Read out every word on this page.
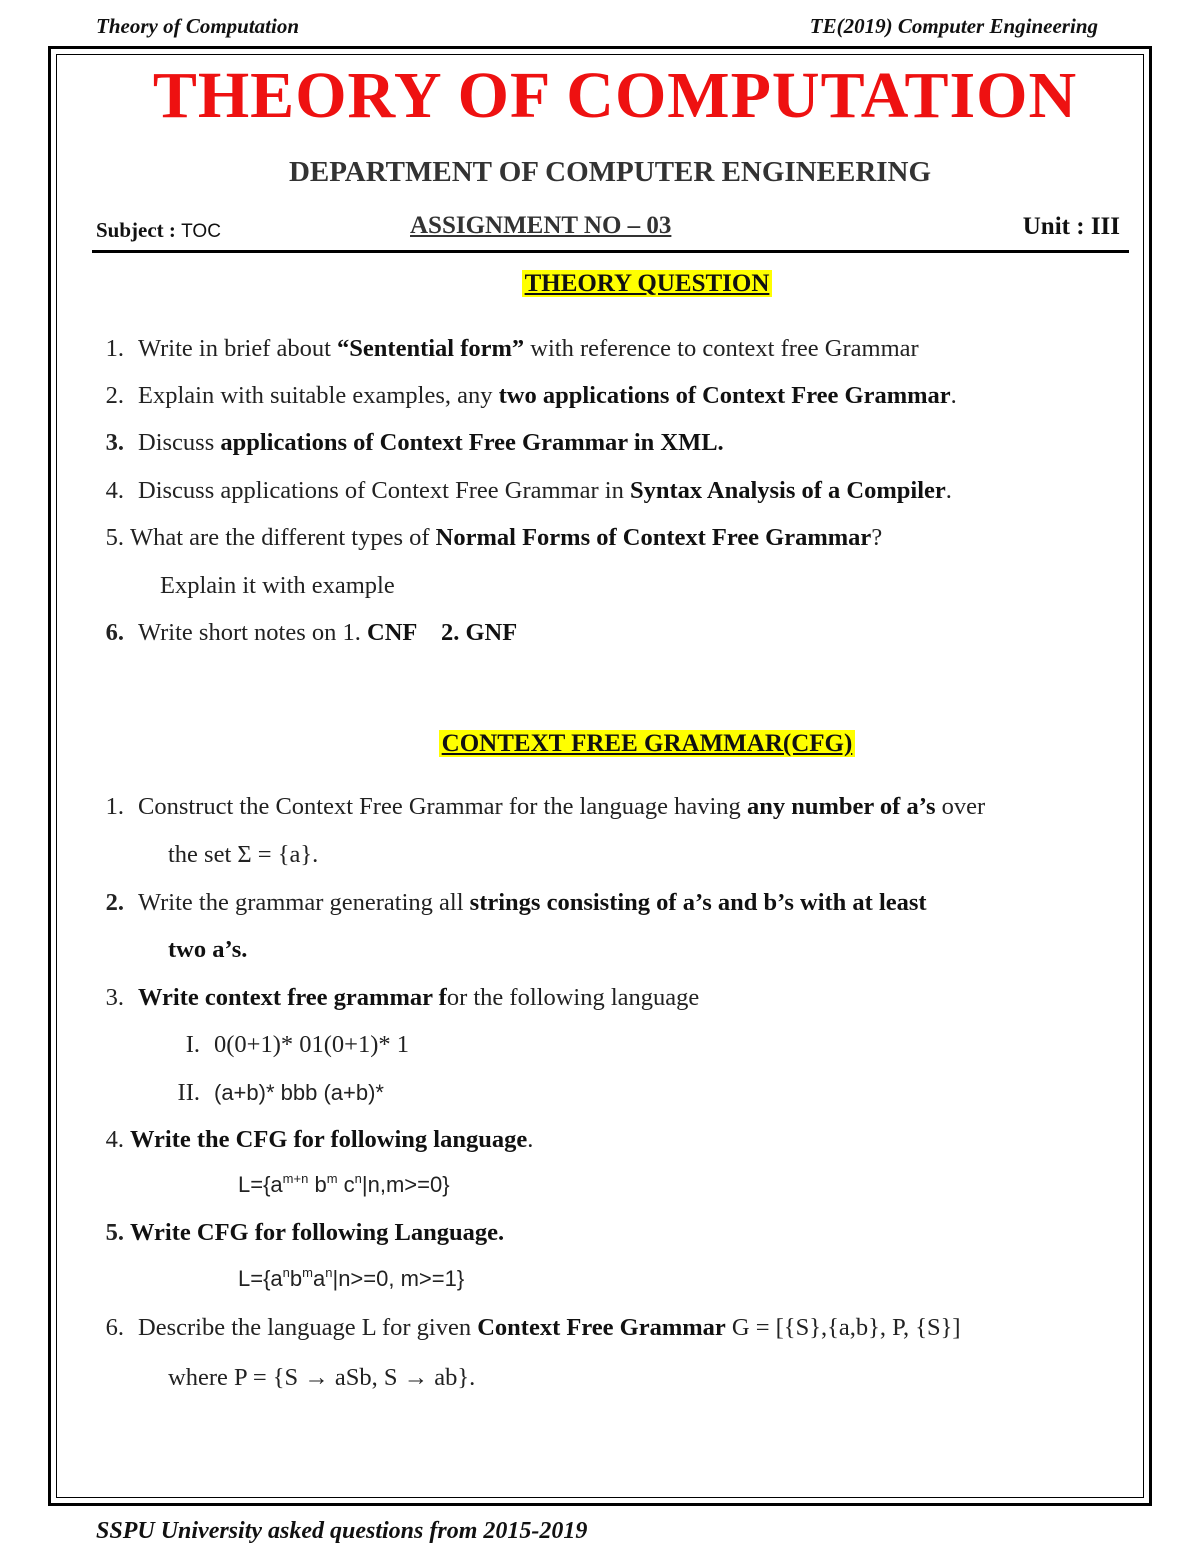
Theory of Computation	TE(2019) Computer Engineering
THEORY OF COMPUTATION
DEPARTMENT OF COMPUTER ENGINEERING
Subject : TOC	ASSIGNMENT NO – 03	Unit : III
THEORY QUESTION
1. Write in brief about “Sentential form” with reference to context free Grammar
2. Explain with suitable examples, any two applications of Context Free Grammar.
3. Discuss applications of Context Free Grammar in XML.
4. Discuss applications of Context Free Grammar in Syntax Analysis of a Compiler.
5. What are the different types of Normal Forms of Context Free Grammar?
Explain it with example
6. Write short notes on 1. CNF    2. GNF
CONTEXT FREE GRAMMAR(CFG)
1. Construct the Context Free Grammar for the language having any number of a’s over
the set Σ = {a}.
2. Write the grammar generating all strings consisting of a’s and b’s with at least
two a’s.
3. Write context free grammar for the following language
I. 0(0+1)* 01(0+1)* 1
II. (a+b)* bbb (a+b)*
4. Write the CFG for following language.
$L=\{a^{m+n}$ $b^m$ $c^n|n,m>=0$}
5. Write CFG for following Language.
$L=\{a^nb^ma^n|n>=0$, m>=1}
6. Describe the language L for given Context Free Grammar G = [{S},{a,b}, P, {S}]
where P = {S → aSb, S → ab}.
SSPU University asked questions from 2015-2019
